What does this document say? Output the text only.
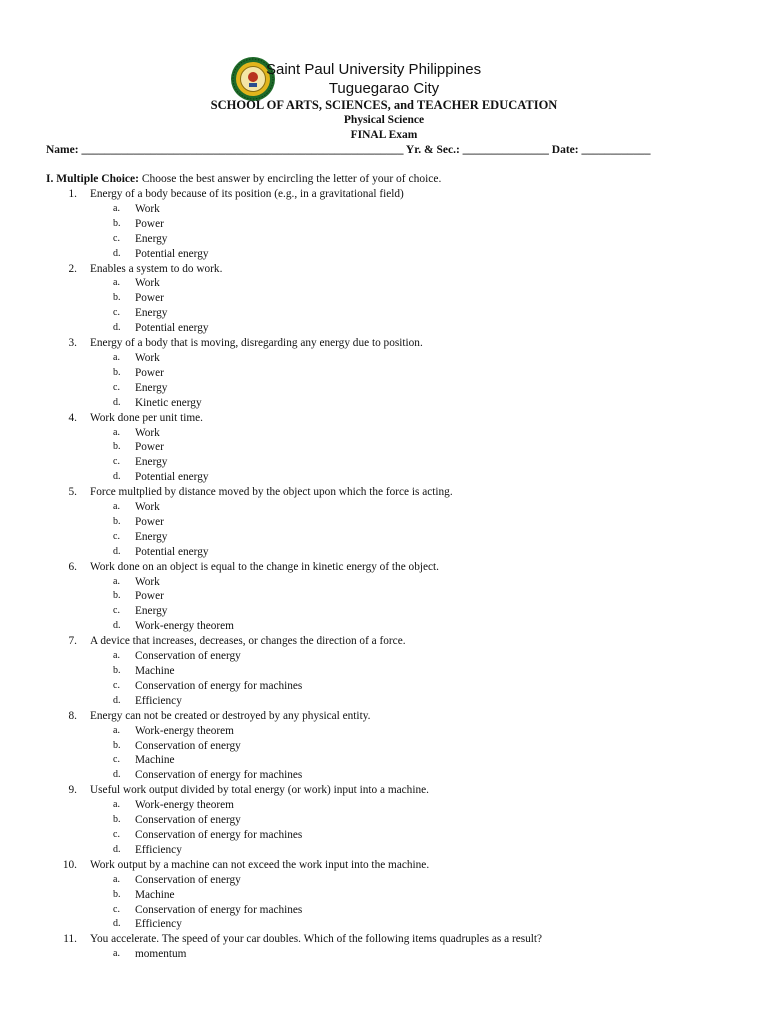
Saint Paul University Philippines
Tuguegarao City
SCHOOL OF ARTS, SCIENCES, and TEACHER EDUCATION
Physical Science
FINAL Exam
Name: ________________________________________________________ Yr. & Sec.: _______________ Date: ____________
I. Multiple Choice: Choose the best answer by encircling the letter of your of choice.
1. Energy of a body because of its position (e.g., in a gravitational field)
a. Work
b. Power
c. Energy
d. Potential energy
2. Enables a system to do work.
a. Work
b. Power
c. Energy
d. Potential energy
3. Energy of a body that is moving, disregarding any energy due to position.
a. Work
b. Power
c. Energy
d. Kinetic energy
4. Work done per unit time.
a. Work
b. Power
c. Energy
d. Potential energy
5. Force multplied by distance moved by the object upon which the force is acting.
a. Work
b. Power
c. Energy
d. Potential energy
6. Work done on an object is equal to the change in kinetic energy of the object.
a. Work
b. Power
c. Energy
d. Work-energy theorem
7. A device that increases, decreases, or changes the direction of a force.
a. Conservation of energy
b. Machine
c. Conservation of energy for machines
d. Efficiency
8. Energy can not be created or destroyed by any physical entity.
a. Work-energy theorem
b. Conservation of energy
c. Machine
d. Conservation of energy for machines
9. Useful work output divided by total energy (or work) input into a machine.
a. Work-energy theorem
b. Conservation of energy
c. Conservation of energy for machines
d. Efficiency
10. Work output by a machine can not exceed the work input into the machine.
a. Conservation of energy
b. Machine
c. Conservation of energy for machines
d. Efficiency
11. You accelerate. The speed of your car doubles. Which of the following items quadruples as a result?
a. momentum
